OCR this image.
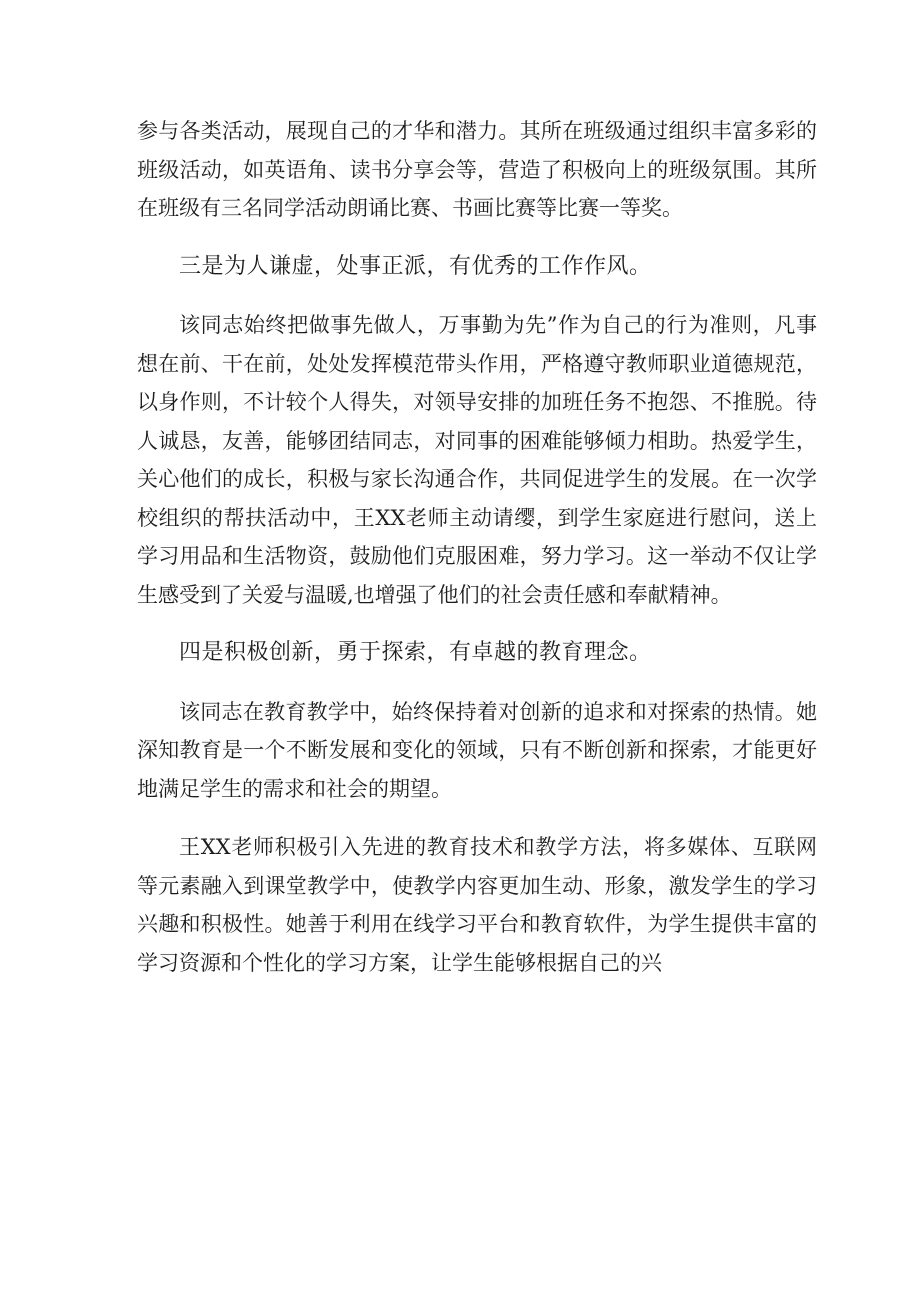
参与各类活动，展现自己的才华和潜力。其所在班级通过组织丰富多彩的班级活动，如英语角、读书分享会等，营造了积极向上的班级氛围。其所在班级有三名同学活动朗诵比赛、书画比赛等比赛一等奖。

三是为人谦虚，处事正派，有优秀的工作作风。

该同志始终把做事先做人，万事勤为先”作为自己的行为准则，凡事想在前、干在前，处处发挥模范带头作用，严格遵守教师职业道德规范，以身作则，不计较个人得失，对领导安排的加班任务不抱怨、不推脱。待人诚恳，友善，能够团结同志，对同事的困难能够倾力相助。热爱学生，关心他们的成长，积极与家长沟通合作，共同促进学生的发展。在一次学校组织的帮扶活动中，王XX老师主动请缨，到学生家庭进行慰问，送上学习用品和生活物资，鼓励他们克服困难，努力学习。这一举动不仅让学生感受到了关爱与温暖,也增强了他们的社会责任感和奉献精神。

四是积极创新，勇于探索，有卓越的教育理念。

该同志在教育教学中，始终保持着对创新的追求和对探索的热情。她深知教育是一个不断发展和变化的领域，只有不断创新和探索，才能更好地满足学生的需求和社会的期望。

王XX老师积极引入先进的教育技术和教学方法，将多媒体、互联网等元素融入到课堂教学中，使教学内容更加生动、形象，激发学生的学习兴趣和积极性。她善于利用在线学习平台和教育软件，为学生提供丰富的学习资源和个性化的学习方案，让学生能够根据自己的兴
